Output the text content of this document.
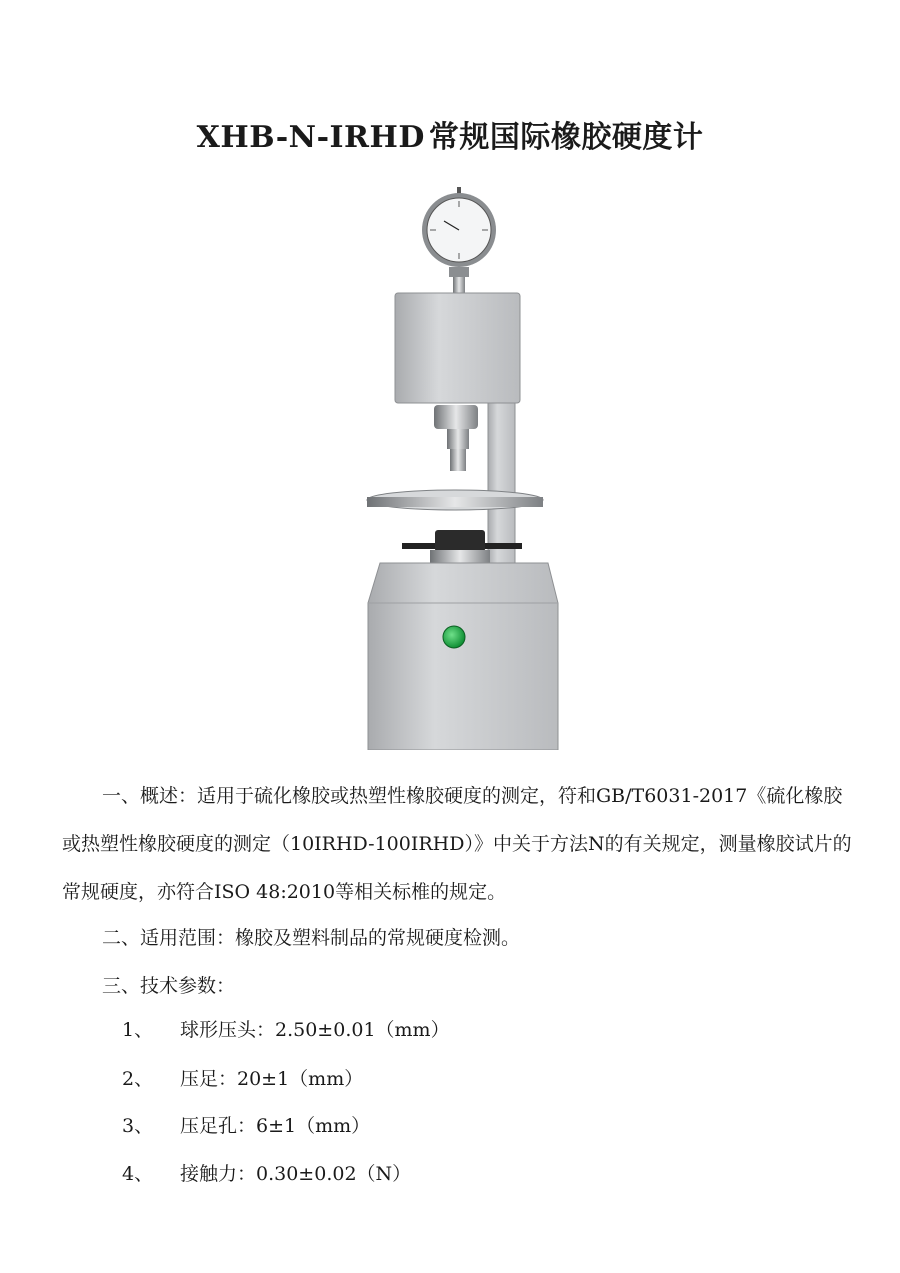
XHB-N-IRHD 常规国际橡胶硬度计

一、概述：适用于硫化橡胶或热塑性橡胶硬度的测定，符和GB/T6031-2017《硫化橡胶或热塑性橡胶硬度的测定（10IRHD-100IRHD）》中关于方法N的有关规定，测量橡胶试片的常规硬度，亦符合ISO 48:2010等相关标椎的规定。

二、适用范围：橡胶及塑料制品的常规硬度检测。

三、技术参数：

1、 球形压头：2.50±0.01（mm）
2、 压足：20±1（mm）
3、 压足孔：6±1（mm）
4、 接触力：0.30±0.02（N）
